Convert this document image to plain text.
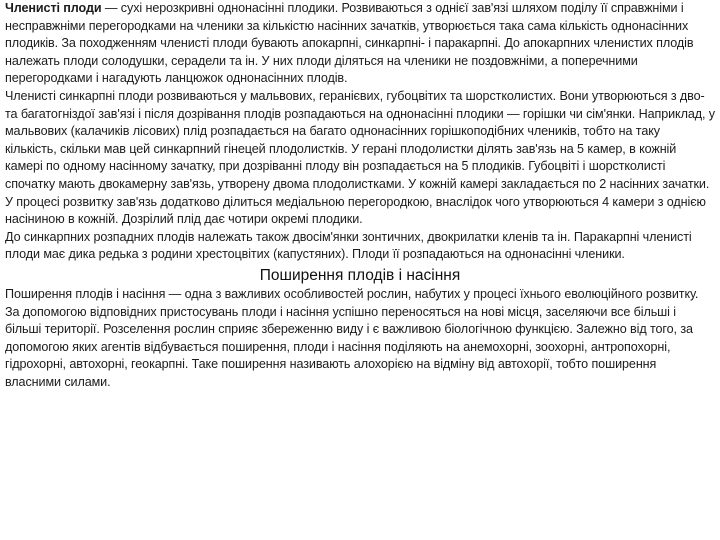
Членисті плоди — сухі нерозкривні однонасінні плодики. Розвиваються з однієї зав'язі шляхом поділу її справжніми і несправжніми перегородками на членики за кількістю насінних зачатків, утворюється така сама кількість однонасінних плодиків. За походженням членисті плоди бувають апокарпні, синкарпні- і паракарпні. До апокарпних членистих плодів належать плоди солодушки, серадели та ін. У них плоди діляться на членики не поздовжніми, а поперечними перегородками і нагадують ланцюжок однонасінних плодів.

Членисті синкарпні плоди розвиваються у мальвових, геранієвих, губоцвітих та шорстколистих. Вони утворюються з дво- та багатогніздої зав'язі і після дозрівання плодів розпадаються на однонасінні плодики — горішки чи сім'янки. Наприклад, у мальвових (калачиків лісових) плід розпадається на багато однонасінних горішкоподібних члеників, тобто на таку кількість, скільки мав цей синкарпний гінецей плодолистків. У герані плодолистки ділять зав'язь на 5 камер, в кожній камері по одному насінному зачатку, при дозріванні плоду він розпадається на 5 плодиків. Губоцвіті і шорстколисті спочатку мають двокамерну зав'язь, утворену двома плодолистками. У кожній камері закладається по 2 насінних зачатки. У процесі розвитку зав'язь додатково ділиться медіальною перегородкою, внаслідок чого утворюються 4 камери з однією насіниною в кожній. Дозрілий плід дає чотири окремі плодики.

До синкарпних розпадних плодів належать також двосім'янки зонтичних, двокрилатки кленів та ін. Паракарпні членисті плоди має дика редька з родини хрестоцвітих (капустяних). Плоди її розпадаються на однонасінні членики.

Поширення плодів і насіння

Поширення плодів і насіння — одна з важливих особливостей рослин, набутих у процесі їхнього еволюційного розвитку. За допомогою відповідних пристосувань плоди і насіння успішно переносяться на нові місця, заселяючи все більші і більші території. Розселення рослин сприяє збереженню виду і є важливою біологічною функцією. Залежно від того, за допомогою яких агентів відбувається поширення, плоди і насіння поділяють на анемохорні, зоохорні, антропохорні, гідрохорні, автохорні, геокарпні. Таке поширення називають алохорією на відміну від автохорії, тобто поширення власними силами.
